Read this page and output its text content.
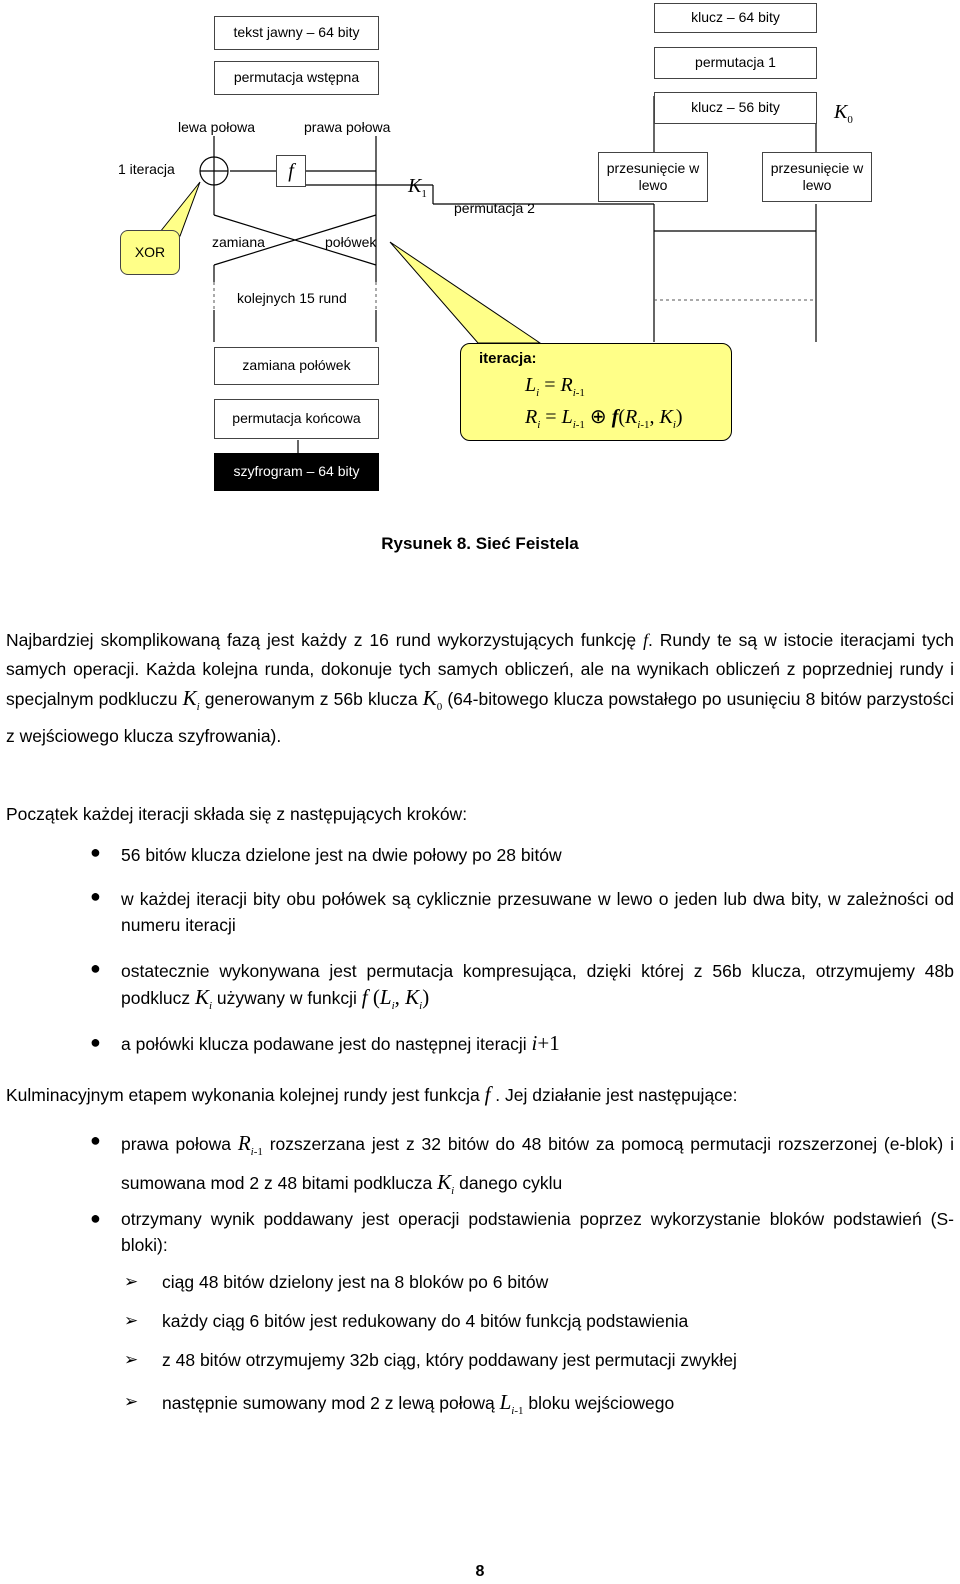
tekst jawny – 64 bity
permutacja wstępna
lewa połowa	prawa połowa
klucz – 64 bity
permutacja 1
klucz – 56 bity	$K_0$
1 iteracja	f
$K_1$
permutacja 2
przesunięcie w lewo
przesunięcie w lewo
XOR
zamiana	połówek
kolejnych 15 rund
zamiana połówek
permutacja końcowa
szyfrogram – 64 bity
iteracja:
$L_i = R_{i-1}$
$R_i = L_{i-1}$ ⊕ $f(R_{i-1}$, $K_i$)
Rysunek 8. Sieć Feistela
Najbardziej skomplikowaną fazą jest każdy z 16 rund wykorzystujących funkcję f. Rundy te są w istocie iteracjami tych samych operacji. Każda kolejna runda, dokonuje tych samych obliczeń, ale na wynikach obliczeń z poprzedniej rundy i specjalnym podkluczu $K_i$ generowanym z 56b klucza $K_0$ (64-bitowego klucza powstałego po usunięciu 8 bitów parzystości z wejściowego klucza szyfrowania).
Początek każdej iteracji składa się z następujących kroków:
● 56 bitów klucza dzielone jest na dwie połowy po 28 bitów
● w każdej iteracji bity obu połówek są cyklicznie przesuwane w lewo o jeden lub dwa bity, w zależności od numeru iteracji
● ostatecznie wykonywana jest permutacja kompresująca, dzięki której z 56b klucza, otrzymujemy 48b podklucz $K_i$ używany w funkcji f ($L_i$, $K_i$)
● a połówki klucza podawane jest do następnej iteracji i+1
Kulminacyjnym etapem wykonania kolejnej rundy jest funkcja f . Jej działanie jest następujące:
● prawa połowa $R_{i-1}$ rozszerzana jest z 32 bitów do 48 bitów za pomocą permutacji rozszerzonej (e-blok) i sumowana mod 2 z 48 bitami podklucza $K_i$ danego cyklu
● otrzymany wynik poddawany jest operacji podstawienia poprzez wykorzystanie bloków podstawień (S-bloki):
➢ ciąg 48 bitów dzielony jest na 8 bloków po 6 bitów
➢ każdy ciąg 6 bitów jest redukowany do 4 bitów funkcją podstawienia
➢ z 48 bitów otrzymujemy 32b ciąg, który poddawany jest permutacji zwykłej
➢ następnie sumowany mod 2 z lewą połową $L_{i-1}$ bloku wejściowego
8
